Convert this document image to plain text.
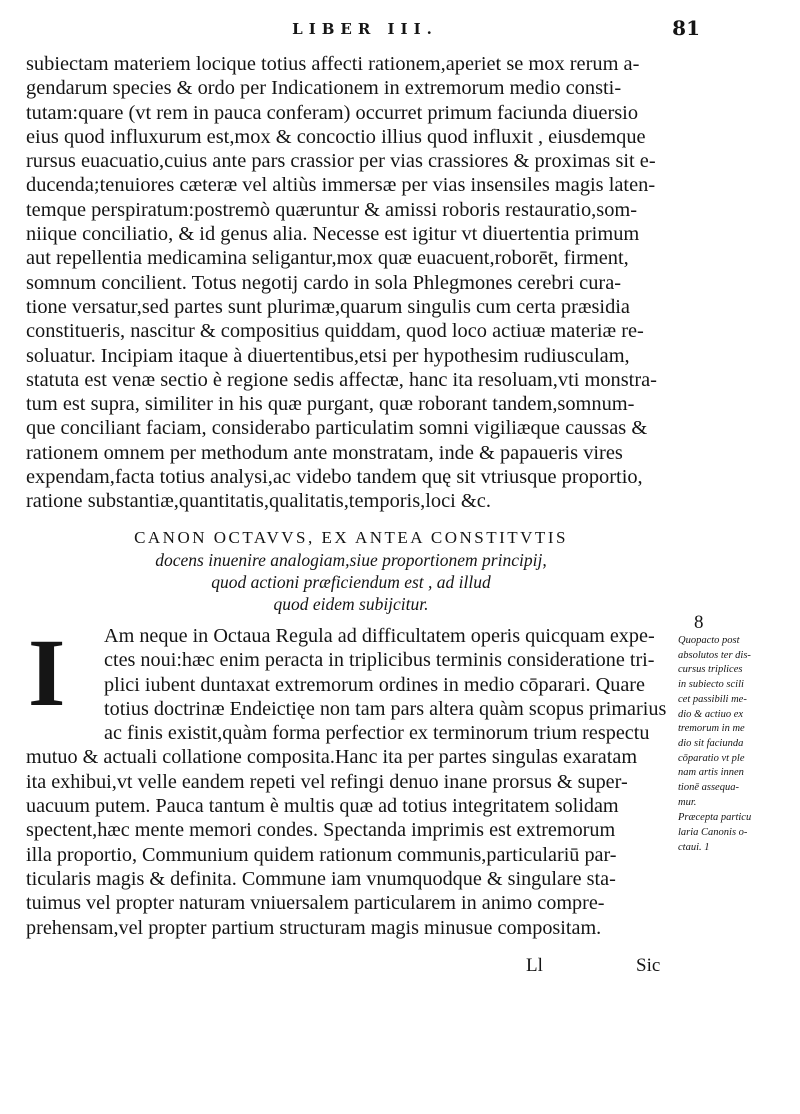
LIBER III.	81
subiectam materiem locique totius affecti rationem,aperiet se mox rerum a-
gendarum species & ordo per Indicationem in extremorum medio consti-
tutam:quare (vt rem in pauca conferam) occurret primum faciunda diuersio
eius quod influxurum est,mox & concoctio illius quod influxit , eiusdemque
rursus euacuatio,cuius ante pars crassior per vias crassiores & proximas sit e-
ducenda;tenuiores cæteræ vel altiùs immersæ per vias insensiles magis laten-
temque perspiratum:postremò quæruntur & amissi roboris restauratio,som-
niique conciliatio, & id genus alia. Necesse est igitur vt diuertentia primum
aut repellentia medicamina seligantur,mox quæ euacuent,roborēt, firment,
somnum concilient. Totus negotij cardo in sola Phlegmones cerebri cura-
tione versatur,sed partes sunt plurimæ,quarum singulis cum certa præsidia
constitueris, nascitur & compositius quiddam, quod loco actiuæ materiæ re-
soluatur. Incipiam itaque à diuertentibus,etsi per hypothesim rudiusculam,
statuta est venæ sectio è regione sedis affectæ, hanc ita resoluam,vti monstra-
tum est supra, similiter in his quæ purgant, quæ roborant tandem,somnum-
que conciliant faciam, considerabo particulatim somni vigiliæque caussas &
rationem omnem per methodum ante monstratam, inde & papaueris vires
expendam,facta totius analysi,ac videbo tandem quę sit vtriusque proportio,
ratione substantiæ,quantitatis,qualitatis,temporis,loci &c.
CANON OCTAVVS, EX ANTEA CONSTITVTIS
docens inuenire analogiam,siue proportionem principij,
quod actioni præficiendum est , ad illud
quod eidem subijcitur.
I	Am neque in Octaua Regula ad difficultatem operis quicquam expe-
ctes noui:hæc enim peracta in triplicibus terminis consideratione tri-
plici iubent duntaxat extremorum ordines in medio cōparari. Quare
totius doctrinæ Endeictięe non tam pars altera quàm scopus primarius
ac finis existit,quàm forma perfectior ex terminorum trium respectu
mutuo & actuali collatione composita.Hanc ita per partes singulas exaratam
ita exhibui,vt velle eandem repeti vel refingi denuo inane prorsus & super-
uacuum putem. Pauca tantum è multis quæ ad totius integritatem solidam
spectent,hæc mente memori condes. Spectanda imprimis est extremorum
illa proportio, Communium quidem rationum communis,particulariū par-
ticularis magis & definita. Commune iam vnumquodque & singulare sta-
tuimus vel propter naturam vniuersalem particularem in animo compre-
prehensam,vel propter partium structuram magis minusue compositam.
8
Quopacto post
absolutos ter dis-
cursus triplices
in subiecto scili
cet passibili me-
dio & actiuo ex
tremorum in me
dio sit faciunda
cōparatio vt ple
nam artis innen
tionē assequa-
mur.
Præcepta particu
laria Canonis o-
ctaui. 1
Ll	Sic
